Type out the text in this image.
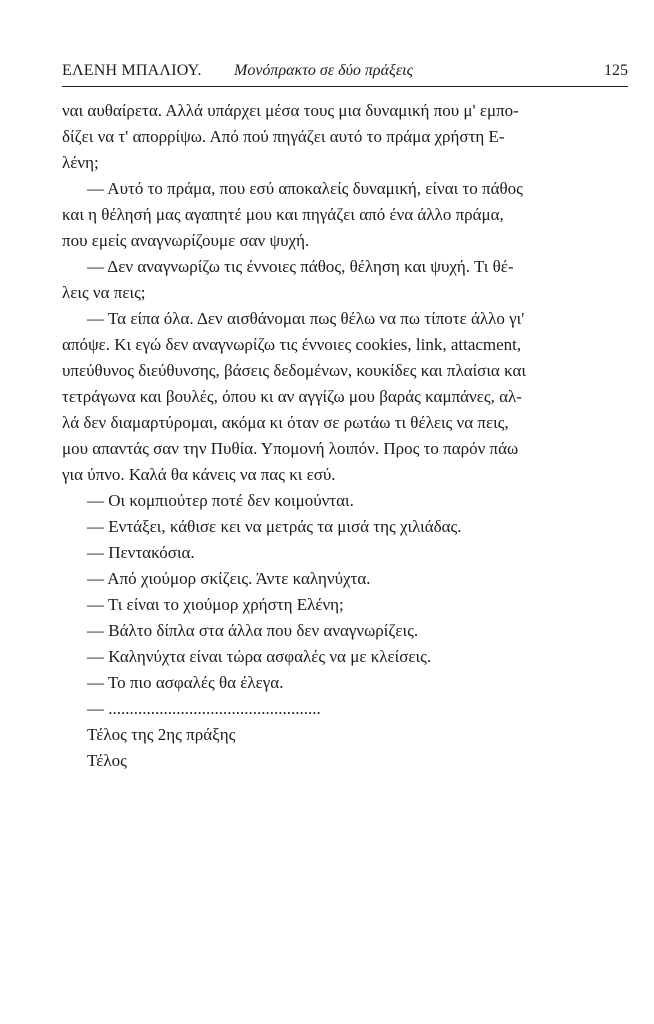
ΕΛΕΝΗ ΜΠΑΛΙΟΥ. Μονόπρακτο σε δύο πράξεις	125
ναι αυθαίρετα. Αλλά υπάρχει μέσα τους μια δυναμική που μ' εμπο-
δίζει να τ' απορρίψω. Από πού πηγάζει αυτό το πράμα χρήστη Ε-
λένη;
— Αυτό το πράμα, που εσύ αποκαλείς δυναμική, είναι το πάθος
και η θέλησή μας αγαπητέ μου και πηγάζει από ένα άλλο πράμα,
που εμείς αναγνωρίζουμε σαν ψυχή.
— Δεν αναγνωρίζω τις έννοιες πάθος, θέληση και ψυχή. Τι θέ-
λεις να πεις;
— Τα είπα όλα. Δεν αισθάνομαι πως θέλω να πω τίποτε άλλο γι'
απόψε. Κι εγώ δεν αναγνωρίζω τις έννοιες cookies, link, attacment,
υπεύθυνος διεύθυνσης, βάσεις δεδομένων, κουκίδες και πλαίσια και
τετράγωνα και βουλές, όπου κι αν αγγίζω μου βαράς καμπάνες, αλ-
λά δεν διαμαρτύρομαι, ακόμα κι όταν σε ρωτάω τι θέλεις να πεις,
μου απαντάς σαν την Πυθία. Υπομονή λοιπόν. Προς το παρόν πάω
για ύπνο. Καλά θα κάνεις να πας κι εσύ.
— Οι κομπιούτερ ποτέ δεν κοιμούνται.
— Εντάξει, κάθισε κει να μετράς τα μισά της χιλιάδας.
— Πεντακόσια.
— Από χιούμορ σκίζεις. Άντε καληνύχτα.
— Τι είναι το χιούμορ χρήστη Ελένη;
— Βάλτο δίπλα στα άλλα που δεν αναγνωρίζεις.
— Καληνύχτα είναι τώρα ασφαλές να με κλείσεις.
— Το πιο ασφαλές θα έλεγα.
— ..................................................
Τέλος της 2ης πράξης
Τέλος
